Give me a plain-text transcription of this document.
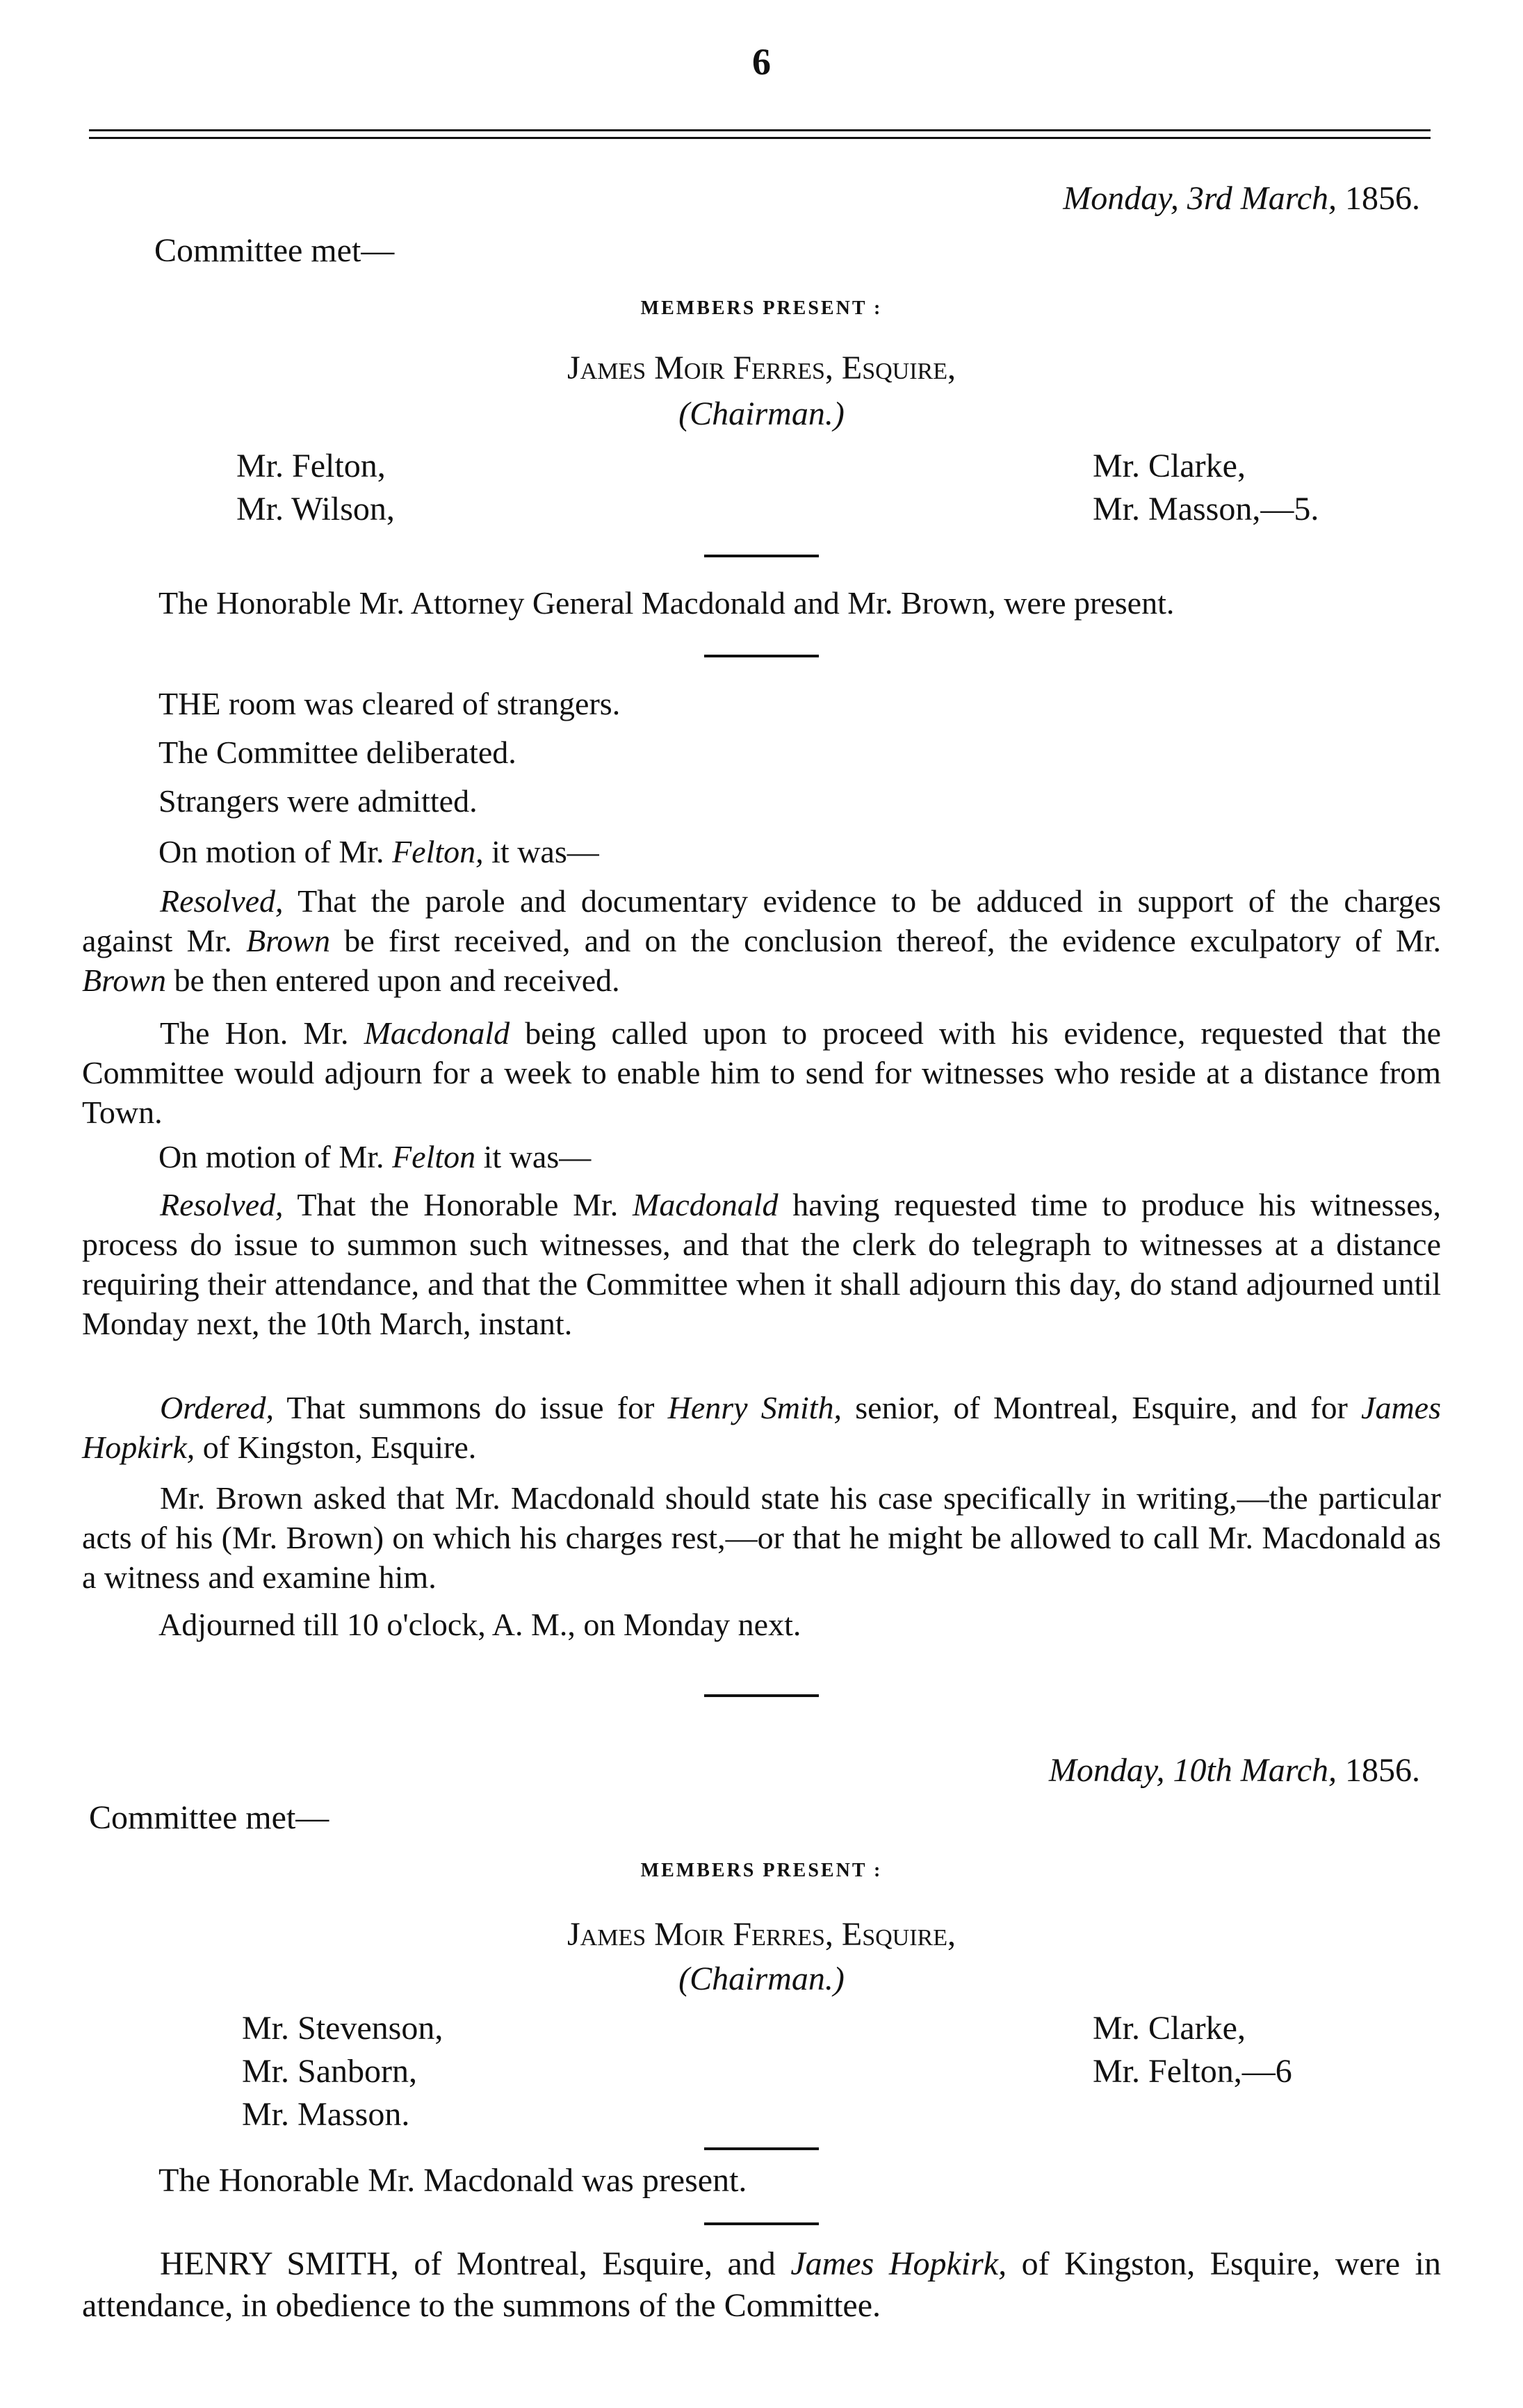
6
Monday, 3rd March, 1856.
Committee met—
MEMBERS PRESENT :
James Moir Ferres, Esquire,
(Chairman.)
Mr. Felton,
Mr. Wilson,
Mr. Clarke,
Mr. Masson,—5.
The Honorable Mr. Attorney General Macdonald and Mr. Brown, were present.
THE room was cleared of strangers.
The Committee deliberated.
Strangers were admitted.
On motion of Mr. Felton, it was—
Resolved, That the parole and documentary evidence to be adduced in support of the charges against Mr. Brown be first received, and on the conclusion thereof, the evidence exculpatory of Mr. Brown be then entered upon and received.
The Hon. Mr. Macdonald being called upon to proceed with his evidence, requested that the Committee would adjourn for a week to enable him to send for witnesses who reside at a distance from Town.
On motion of Mr. Felton it was—
Resolved, That the Honorable Mr. Macdonald having requested time to produce his witnesses, process do issue to summon such witnesses, and that the clerk do telegraph to witnesses at a distance requiring their attendance, and that the Committee when it shall adjourn this day, do stand adjourned until Monday next, the 10th March, instant.
Ordered, That summons do issue for Henry Smith, senior, of Montreal, Esquire, and for James Hopkirk, of Kingston, Esquire.
Mr. Brown asked that Mr. Macdonald should state his case specifically in writing,—the particular acts of his (Mr. Brown) on which his charges rest,—or that he might be allowed to call Mr. Macdonald as a witness and examine him.
Adjourned till 10 o'clock, A. M., on Monday next.
Monday, 10th March, 1856.
Committee met—
MEMBERS PRESENT :
James Moir Ferres, Esquire,
(Chairman.)
Mr. Stevenson,
Mr. Sanborn,
Mr. Masson.
Mr. Clarke,
Mr. Felton,—6
The Honorable Mr. Macdonald was present.
HENRY SMITH, of Montreal, Esquire, and James Hopkirk, of Kingston, Esquire, were in attendance, in obedience to the summons of the Committee.
